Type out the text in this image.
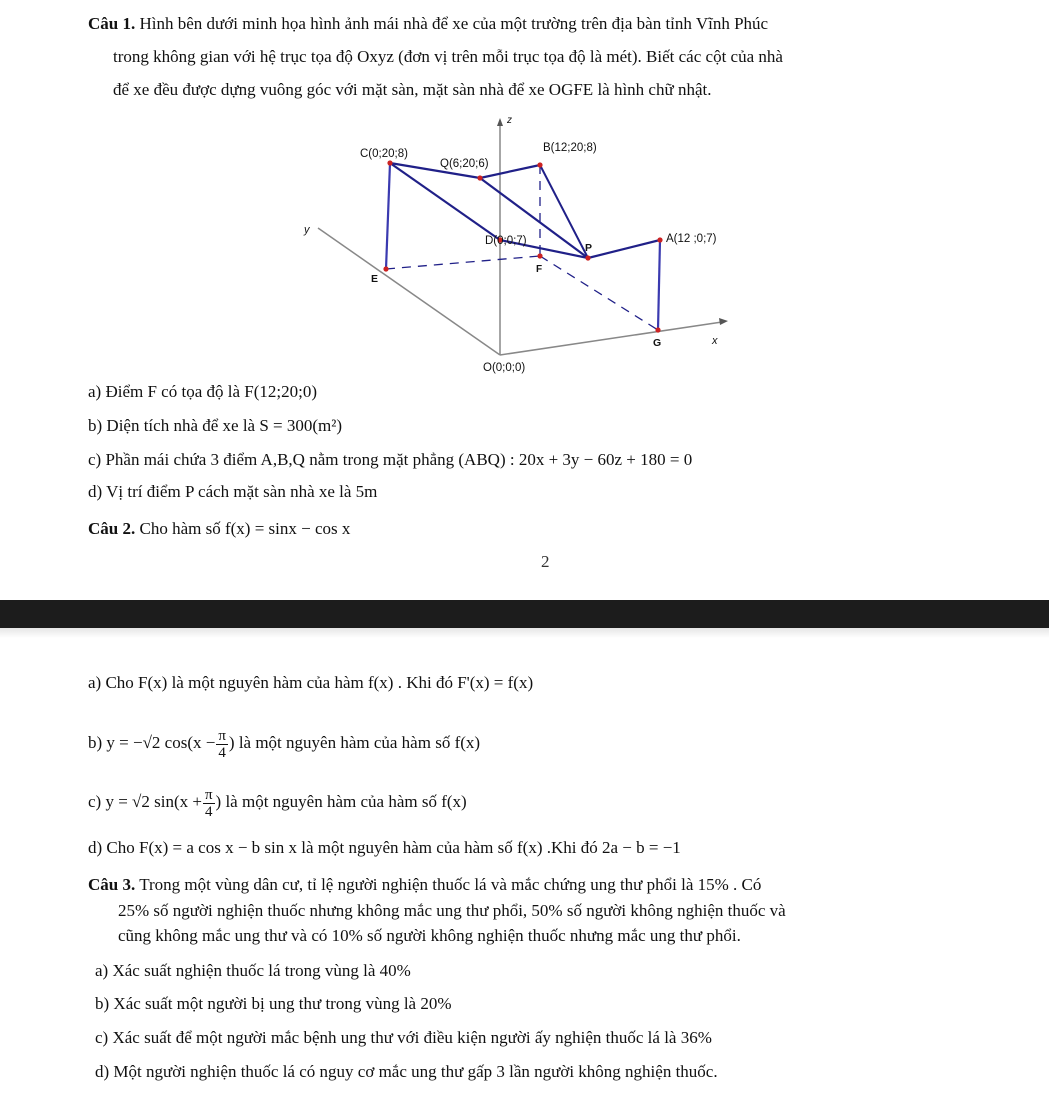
Câu 1. Hình bên dưới minh họa hình ảnh mái nhà để xe của một trường trên địa bàn tỉnh Vĩnh Phúc
trong không gian với hệ trục tọa độ Oxyz (đơn vị trên mỗi trục tọa độ là mét). Biết các cột của nhà
để xe đều được dựng vuông góc với mặt sàn, mặt sàn nhà để xe OGFE là hình chữ nhật.
z
y
x
C(0;20;8)
Q(6;20;6)
B(12;20;8)
D(0;0;7)
P
A(12 ;0;7)
E
F
G
O(0;0;0)
a) Điểm F có tọa độ là F(12;20;0)
b) Diện tích nhà để xe là S = 300(m²)
c) Phần mái chứa 3 điểm A,B,Q nằm trong mặt phẳng (ABQ) : 20x + 3y − 60z + 180 = 0
d) Vị trí điểm P cách mặt sàn nhà xe là 5m
Câu 2. Cho hàm số f(x) = sinx − cos x
2
a) Cho F(x) là một nguyên hàm của hàm f(x) . Khi đó F'(x) = f(x)
b) y = −√2 $\cos(x - \frac{\pi}{4}$ ) là một nguyên hàm của hàm số f(x)
c) y = √2 $\sin(x + \frac{\pi}{4}$ ) là một nguyên hàm của hàm số f(x)
d) Cho F(x) = a cos x − b sin x là một nguyên hàm của hàm số f(x) .Khi đó 2a − b = −1
Câu 3. Trong một vùng dân cư, tỉ lệ người nghiện thuốc lá và mắc chứng ung thư phổi là 15% . Có
25% số người nghiện thuốc nhưng không mắc ung thư phổi, 50% số người không nghiện thuốc và
cũng không mắc ung thư và có 10% số người không nghiện thuốc nhưng mắc ung thư phổi.
a) Xác suất nghiện thuốc lá trong vùng là 40%
b) Xác suất một người bị ung thư trong vùng là 20%
c) Xác suất để một người mắc bệnh ung thư với điều kiện người ấy nghiện thuốc lá là 36%
d) Một người nghiện thuốc lá có nguy cơ mắc ung thư gấp 3 lần người không nghiện thuốc.
